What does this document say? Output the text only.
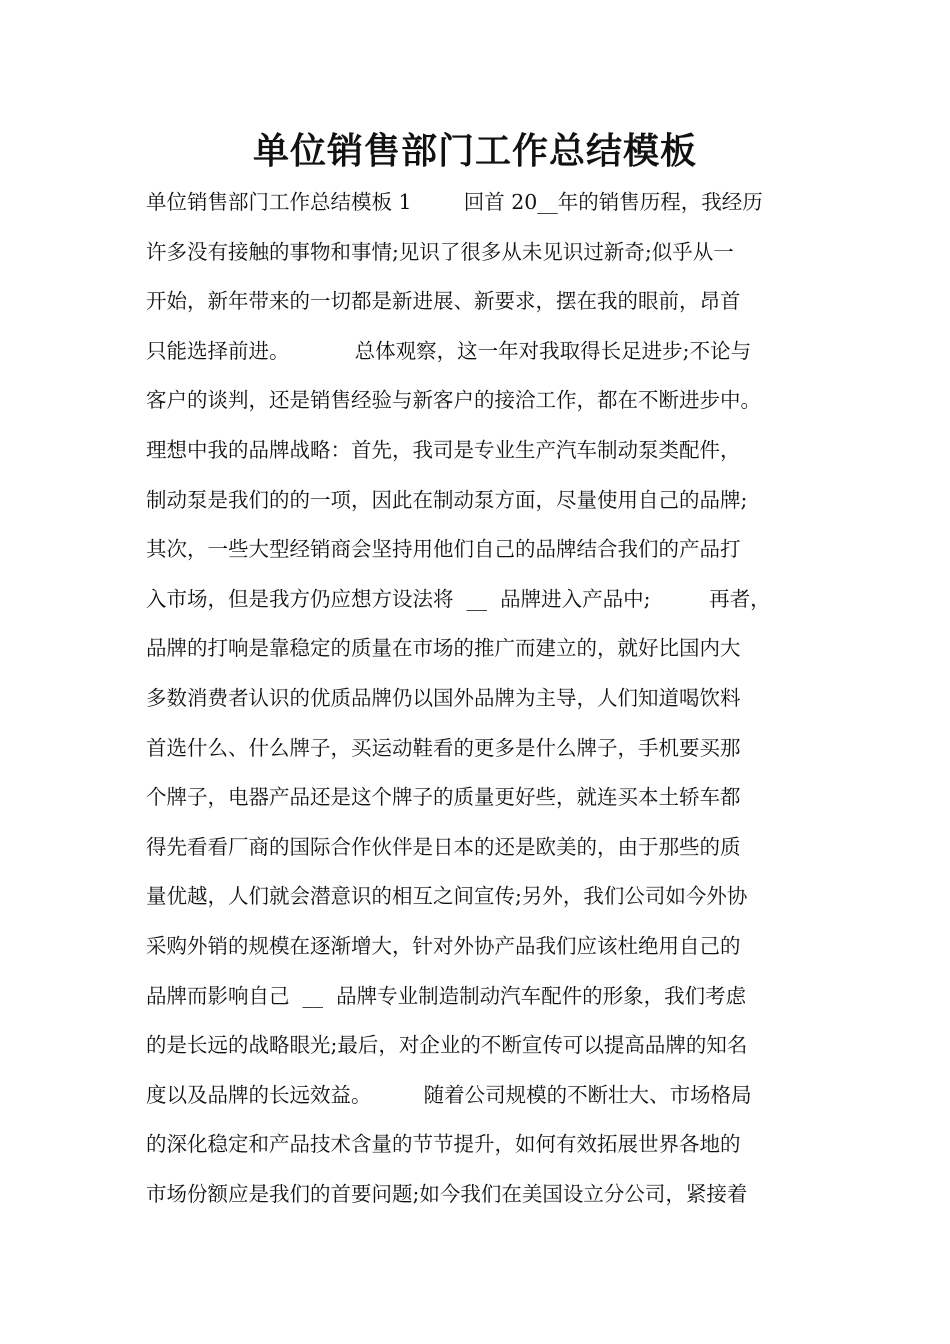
单位销售部门工作总结模板
单位销售部门工作总结模板 1        回首 20__年的销售历程，我经历
许多没有接触的事物和事情;见识了很多从未见识过新奇;似乎从一
开始，新年带来的一切都是新进展、新要求，摆在我的眼前，昂首
只能选择前进。          总体观察，这一年对我取得长足进步;不论与
客户的谈判，还是销售经验与新客户的接洽工作，都在不断进步中。
理想中我的品牌战略：首先，我司是专业生产汽车制动泵类配件，
制动泵是我们的的一项，因此在制动泵方面，尽量使用自己的品牌;
其次，一些大型经销商会坚持用他们自己的品牌结合我们的产品打
入市场，但是我方仍应想方设法将  __  品牌进入产品中;         再者，
品牌的打响是靠稳定的质量在市场的推广而建立的，就好比国内大
多数消费者认识的优质品牌仍以国外品牌为主导，人们知道喝饮料
首选什么、什么牌子，买运动鞋看的更多是什么牌子，手机要买那
个牌子，电器产品还是这个牌子的质量更好些，就连买本土轿车都
得先看看厂商的国际合作伙伴是日本的还是欧美的，由于那些的质
量优越，人们就会潜意识的相互之间宣传;另外，我们公司如今外协
采购外销的规模在逐渐增大，针对外协产品我们应该杜绝用自己的
品牌而影响自己  __  品牌专业制造制动汽车配件的形象，我们考虑
的是长远的战略眼光;最后，对企业的不断宣传可以提高品牌的知名
度以及品牌的长远效益。        随着公司规模的不断壮大、市场格局
的深化稳定和产品技术含量的节节提升，如何有效拓展世界各地的
市场份额应是我们的首要问题;如今我们在美国设立分公司，紧接着
